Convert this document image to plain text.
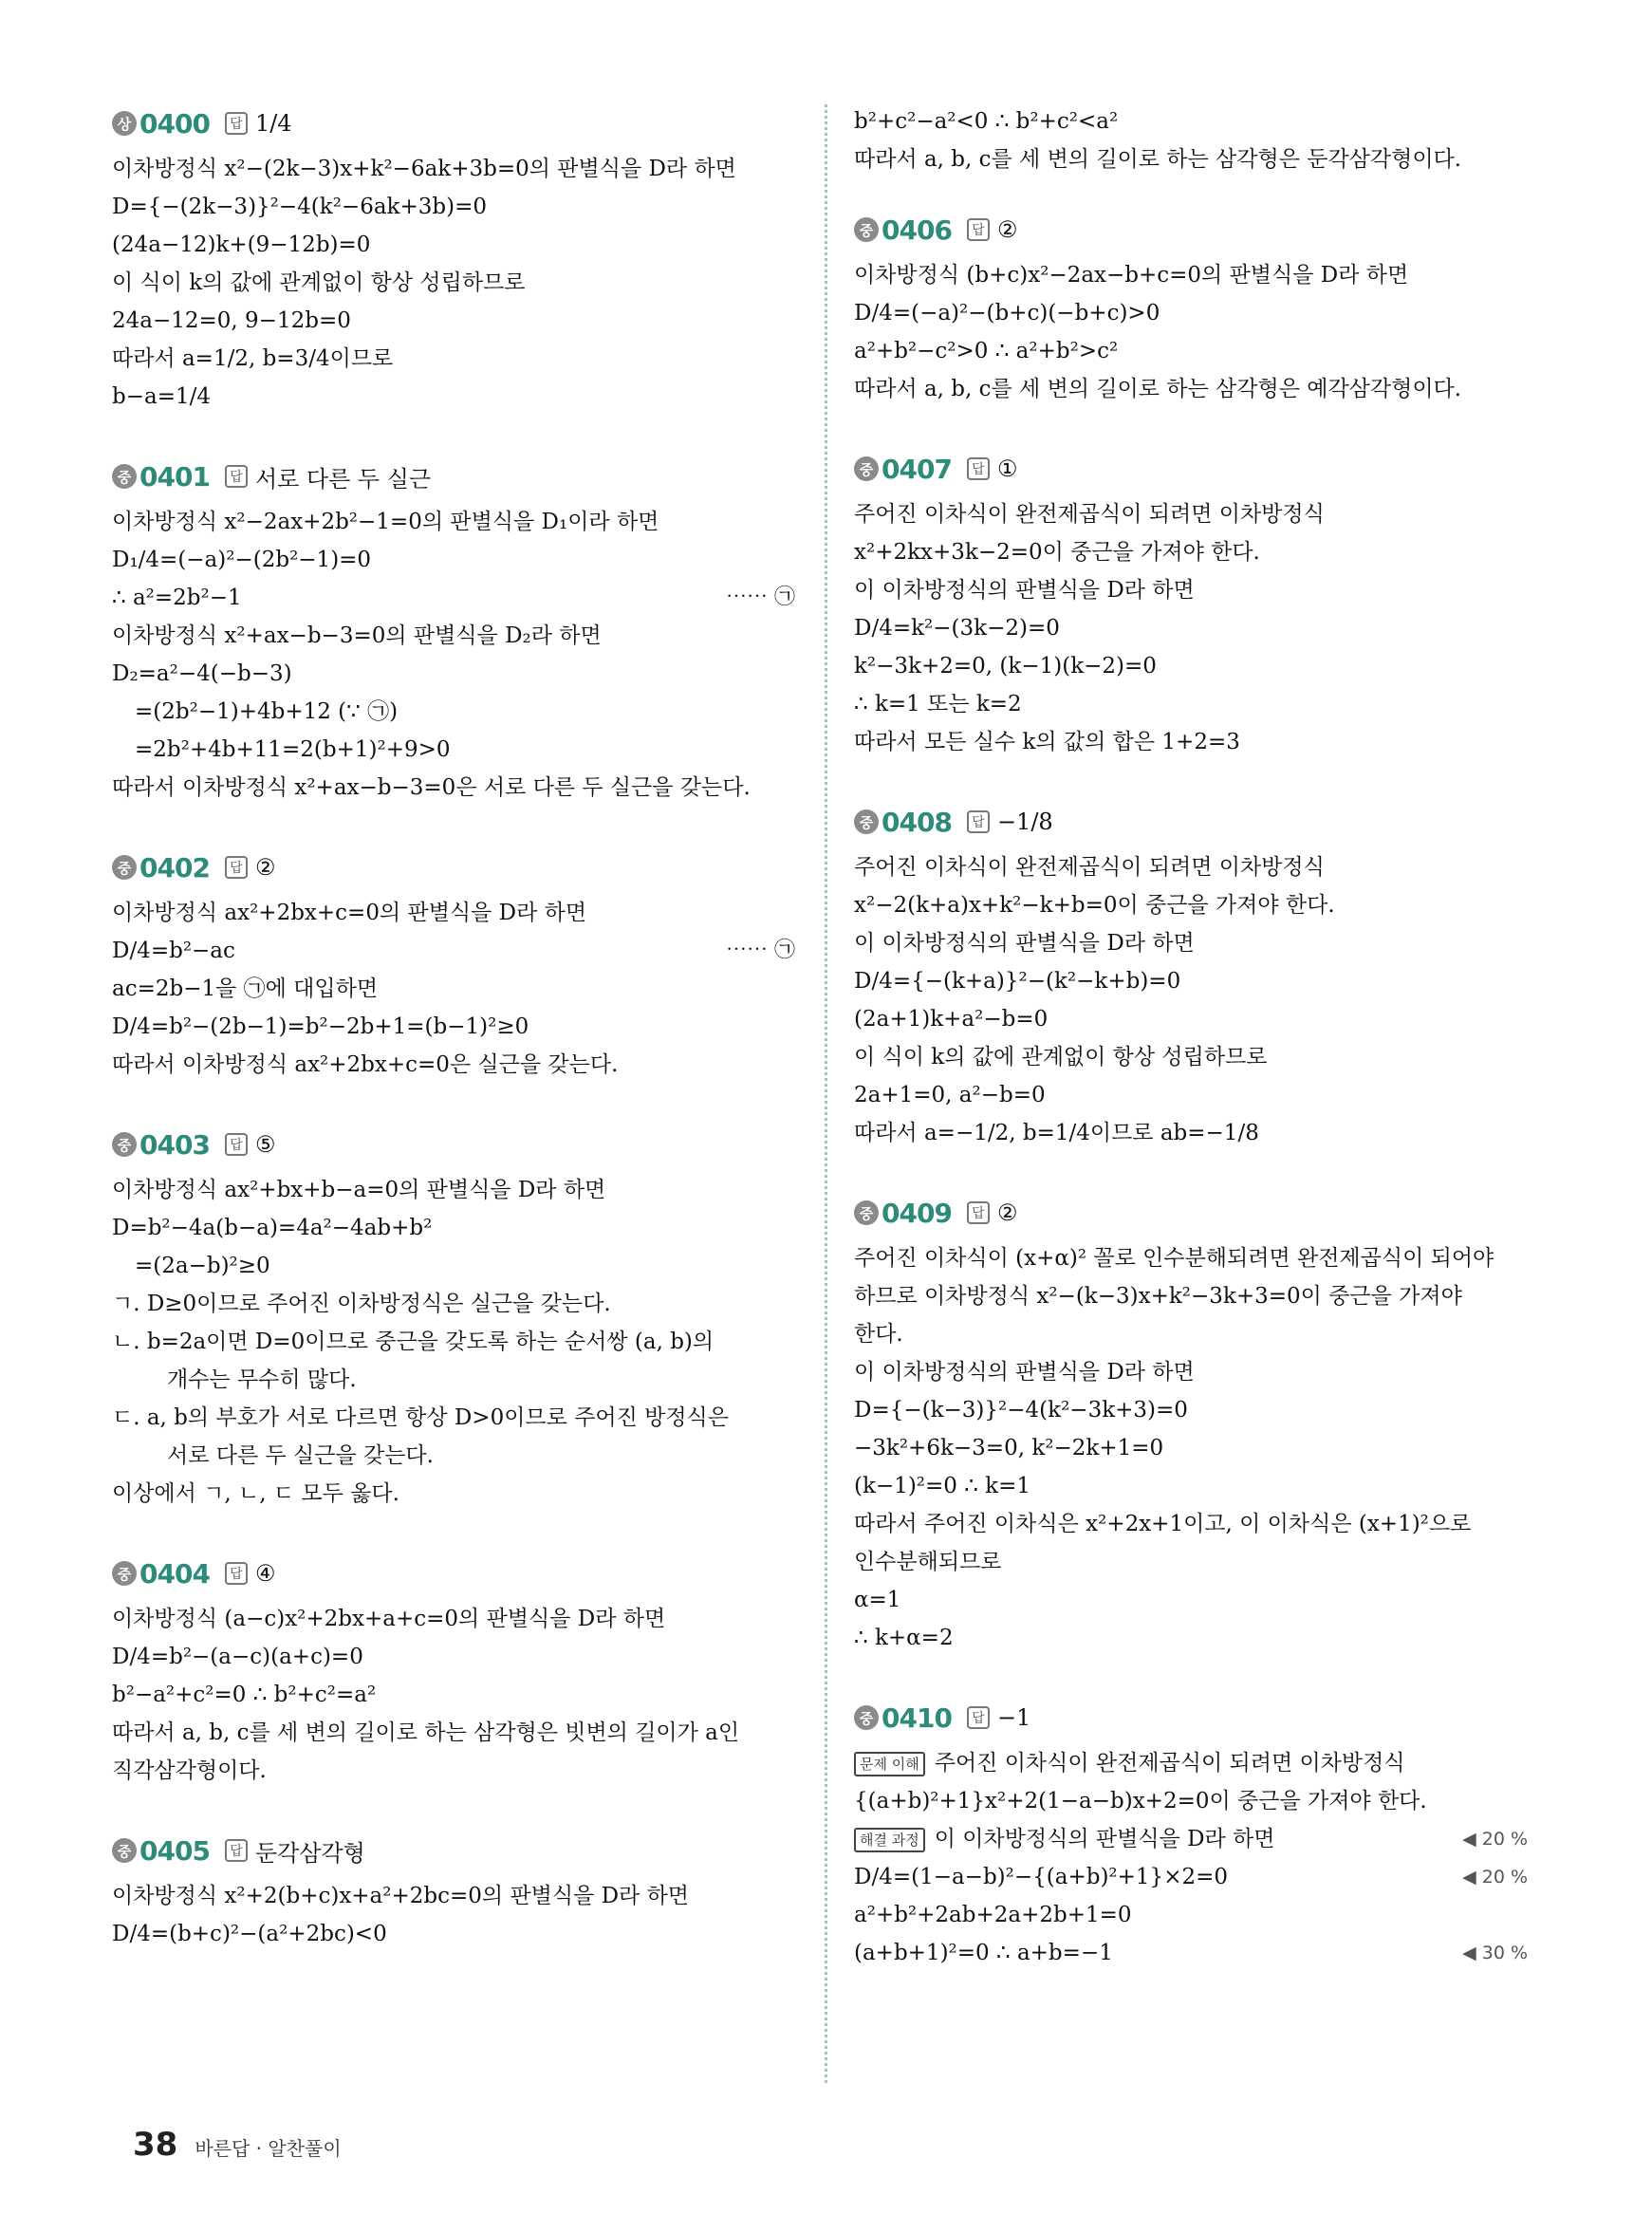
상 0400	답 1/4
이차방정식 x²−(2k−3)x+k²−6ak+3b=0의 판별식을 D라 하면
D={−(2k−3)}²−4(k²−6ak+3b)=0
(24a−12)k+(9−12b)=0
이 식이 k의 값에 관계없이 항상 성립하므로
24a−12=0, 9−12b=0
따라서 a=1/2, b=3/4이므로
b−a=1/4
중 0401	답 서로 다른 두 실근
이차방정식 x²−2ax+2b²−1=0의 판별식을 D₁이라 하면
D₁/4=(−a)²−(2b²−1)=0
∴ a²=2b²−1	⋯⋯ ㉠
이차방정식 x²+ax−b−3=0의 판별식을 D₂라 하면
D₂=a²−4(−b−3)
=(2b²−1)+4b+12 (∵ ㉠)
=2b²+4b+11=2(b+1)²+9>0
따라서 이차방정식 x²+ax−b−3=0은 서로 다른 두 실근을 갖는다.
중 0402	답 ②
이차방정식 ax²+2bx+c=0의 판별식을 D라 하면
D/4=b²−ac	⋯⋯ ㉠
ac=2b−1을 ㉠에 대입하면
D/4=b²−(2b−1)=b²−2b+1=(b−1)²≥0
따라서 이차방정식 ax²+2bx+c=0은 실근을 갖는다.
중 0403	답 ⑤
이차방정식 ax²+bx+b−a=0의 판별식을 D라 하면
D=b²−4a(b−a)=4a²−4ab+b²
=(2a−b)²≥0
ㄱ. D≥0이므로 주어진 이차방정식은 실근을 갖는다.
ㄴ. b=2a이면 D=0이므로 중근을 갖도록 하는 순서쌍 (a, b)의
개수는 무수히 많다.
ㄷ. a, b의 부호가 서로 다르면 항상 D>0이므로 주어진 방정식은
서로 다른 두 실근을 갖는다.
이상에서 ㄱ, ㄴ, ㄷ 모두 옳다.
중 0404	답 ④
이차방정식 (a−c)x²+2bx+a+c=0의 판별식을 D라 하면
D/4=b²−(a−c)(a+c)=0
b²−a²+c²=0 ∴ b²+c²=a²
따라서 a, b, c를 세 변의 길이로 하는 삼각형은 빗변의 길이가 a인
직각삼각형이다.
중 0405	답 둔각삼각형
이차방정식 x²+2(b+c)x+a²+2bc=0의 판별식을 D라 하면
D/4=(b+c)²−(a²+2bc)<0
b²+c²−a²<0 ∴ b²+c²<a²
따라서 a, b, c를 세 변의 길이로 하는 삼각형은 둔각삼각형이다.
중 0406	답 ②
이차방정식 (b+c)x²−2ax−b+c=0의 판별식을 D라 하면
D/4=(−a)²−(b+c)(−b+c)>0
a²+b²−c²>0 ∴ a²+b²>c²
따라서 a, b, c를 세 변의 길이로 하는 삼각형은 예각삼각형이다.
중 0407	답 ①
주어진 이차식이 완전제곱식이 되려면 이차방정식
x²+2kx+3k−2=0이 중근을 가져야 한다.
이 이차방정식의 판별식을 D라 하면
D/4=k²−(3k−2)=0
k²−3k+2=0, (k−1)(k−2)=0
∴ k=1 또는 k=2
따라서 모든 실수 k의 값의 합은 1+2=3
중 0408	답 −1/8
주어진 이차식이 완전제곱식이 되려면 이차방정식
x²−2(k+a)x+k²−k+b=0이 중근을 가져야 한다.
이 이차방정식의 판별식을 D라 하면
D/4={−(k+a)}²−(k²−k+b)=0
(2a+1)k+a²−b=0
이 식이 k의 값에 관계없이 항상 성립하므로
2a+1=0, a²−b=0
따라서 a=−1/2, b=1/4이므로 ab=−1/8
중 0409	답 ②
주어진 이차식이 (x+α)² 꼴로 인수분해되려면 완전제곱식이 되어야
하므로 이차방정식 x²−(k−3)x+k²−3k+3=0이 중근을 가져야
한다.
이 이차방정식의 판별식을 D라 하면
D={−(k−3)}²−4(k²−3k+3)=0
−3k²+6k−3=0, k²−2k+1=0
(k−1)²=0 ∴ k=1
따라서 주어진 이차식은 x²+2x+1이고, 이 이차식은 (x+1)²으로
인수분해되므로
α=1
∴ k+α=2
중 0410	답 −1
문제 이해 주어진 이차식이 완전제곱식이 되려면 이차방정식
{(a+b)²+1}x²+2(1−a−b)x+2=0이 중근을 가져야 한다.
◀ 20 %
해결 과정 이 이차방정식의 판별식을 D라 하면
D/4=(1−a−b)²−{(a+b)²+1}×2=0	◀ 20 %
a²+b²+2ab+2a+2b+1=0
(a+b+1)²=0 ∴ a+b=−1	◀ 30 %
38 바른답 · 알찬풀이
